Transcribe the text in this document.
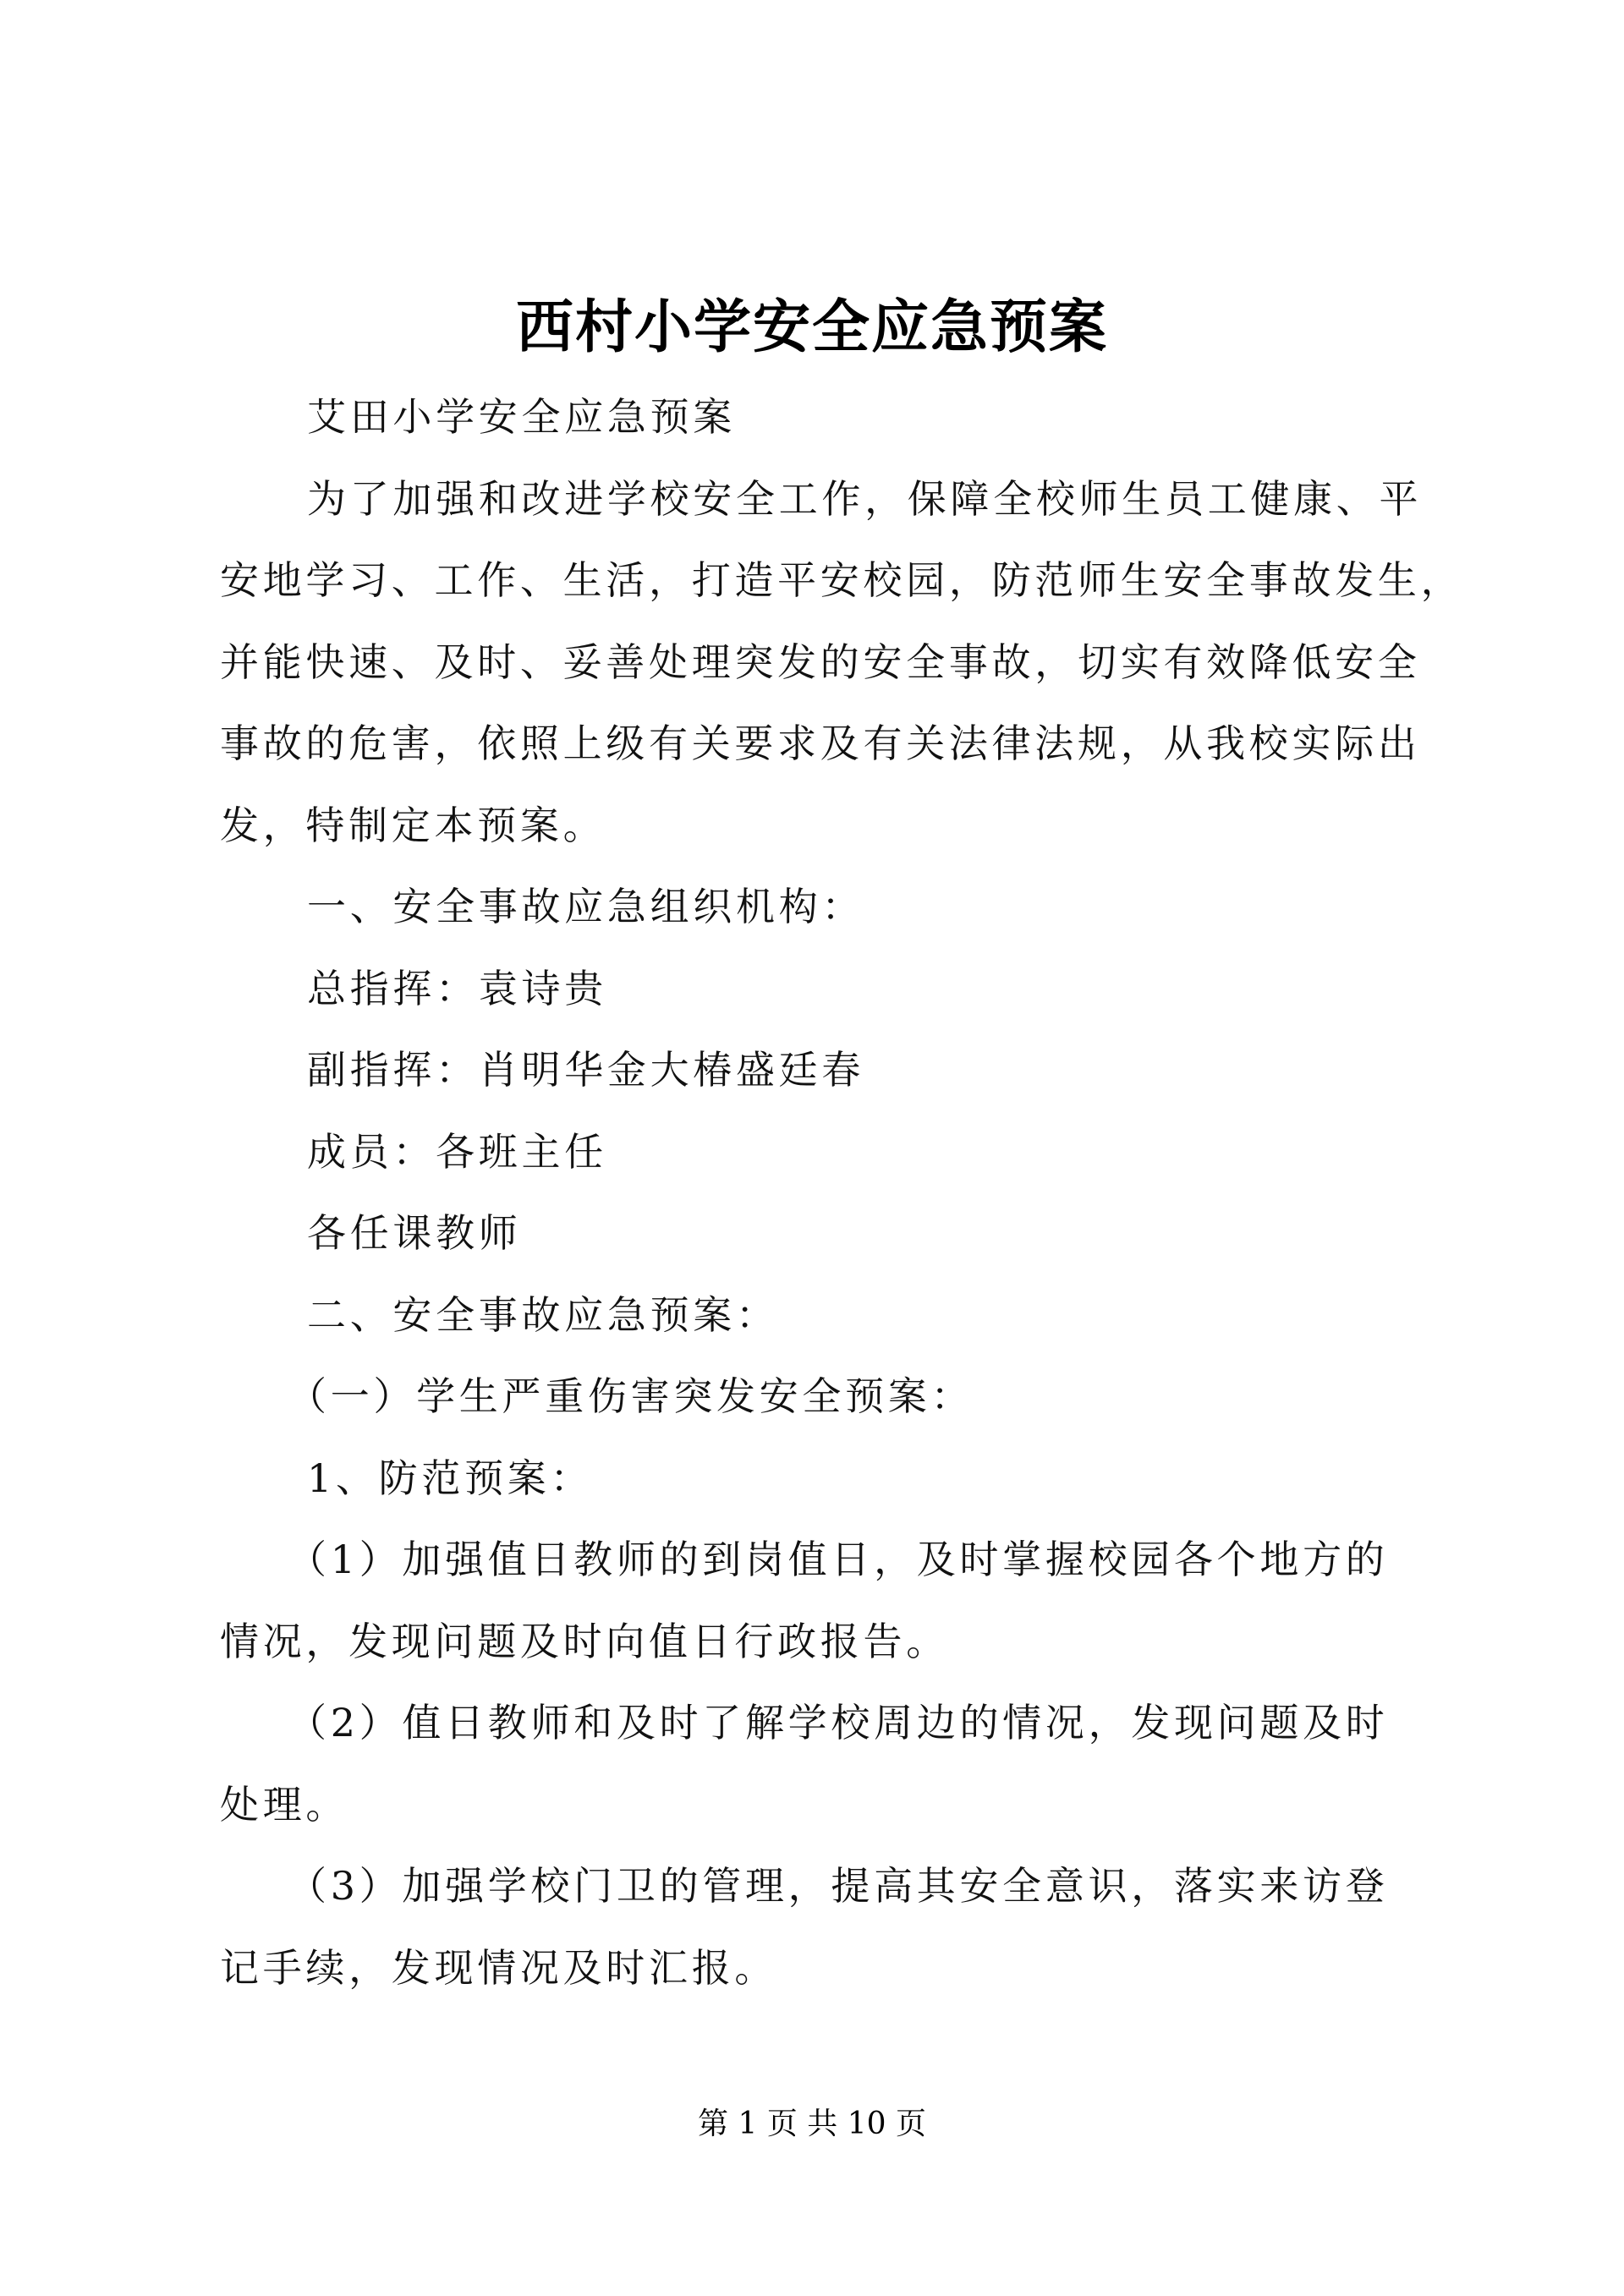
西村小学安全应急预案
艾田小学安全应急预案
为了加强和改进学校安全工作，保障全校师生员工健康、平
安地学习、工作、生活，打造平安校园，防范师生安全事故发生，
并能快速、及时、妥善处理突发的安全事故，切实有效降低安全
事故的危害，依照上级有关要求及有关法律法规，从我校实际出
发，特制定本预案。
一、安全事故应急组织机构：
总指挥：袁诗贵
副指挥：肖明华金大椿盛廷春
成员：各班主任
各任课教师
二、安全事故应急预案：
（一）学生严重伤害突发安全预案：
1、防范预案：
（1）加强值日教师的到岗值日，及时掌握校园各个地方的
情况，发现问题及时向值日行政报告。
（2）值日教师和及时了解学校周边的情况，发现问题及时
处理。
（3）加强学校门卫的管理，提高其安全意识，落实来访登
记手续，发现情况及时汇报。
第 1 页 共 10 页
